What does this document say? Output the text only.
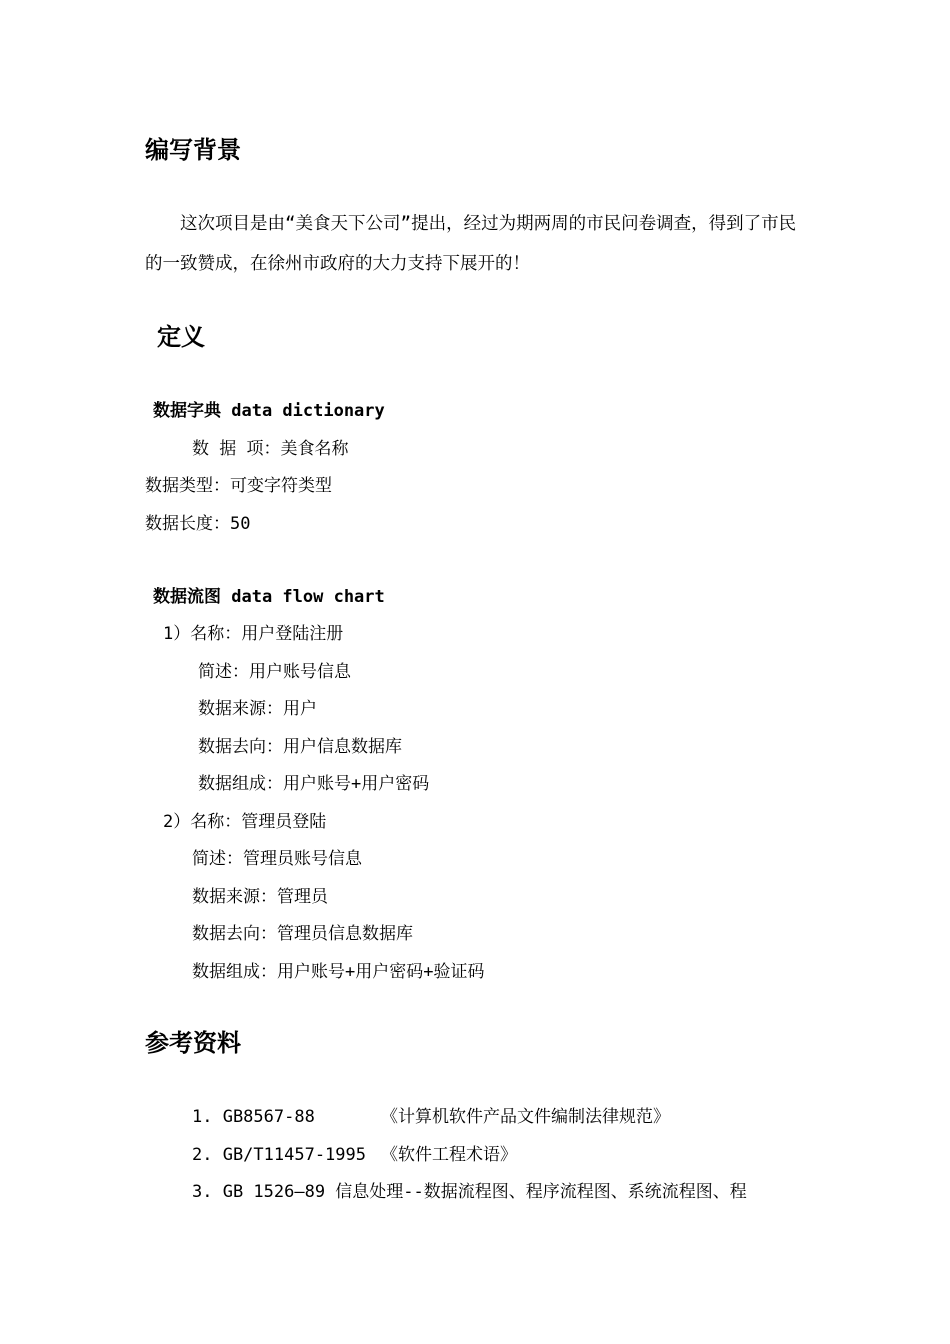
编写背景
这次项目是由“美食天下公司”提出，经过为期两周的市民问卷调查，得到了市民的一致赞成，在徐州市政府的大力支持下展开的！
定义
数据字典 data dictionary
数 据 项：美食名称
数据类型：可变字符类型
数据长度：50
数据流图 data flow chart
1）名称：用户登陆注册
简述：用户账号信息
数据来源：用户
数据去向：用户信息数据库
数据组成：用户账号+用户密码
2）名称：管理员登陆
简述：管理员账号信息
数据来源：管理员
数据去向：管理员信息数据库
数据组成：用户账号+用户密码+验证码
参考资料
1. GB8567-88	《计算机软件产品文件编制法律规范》
2. GB/T11457-1995 《软件工程术语》
3. GB 1526—89 信息处理--数据流程图、程序流程图、系统流程图、程
